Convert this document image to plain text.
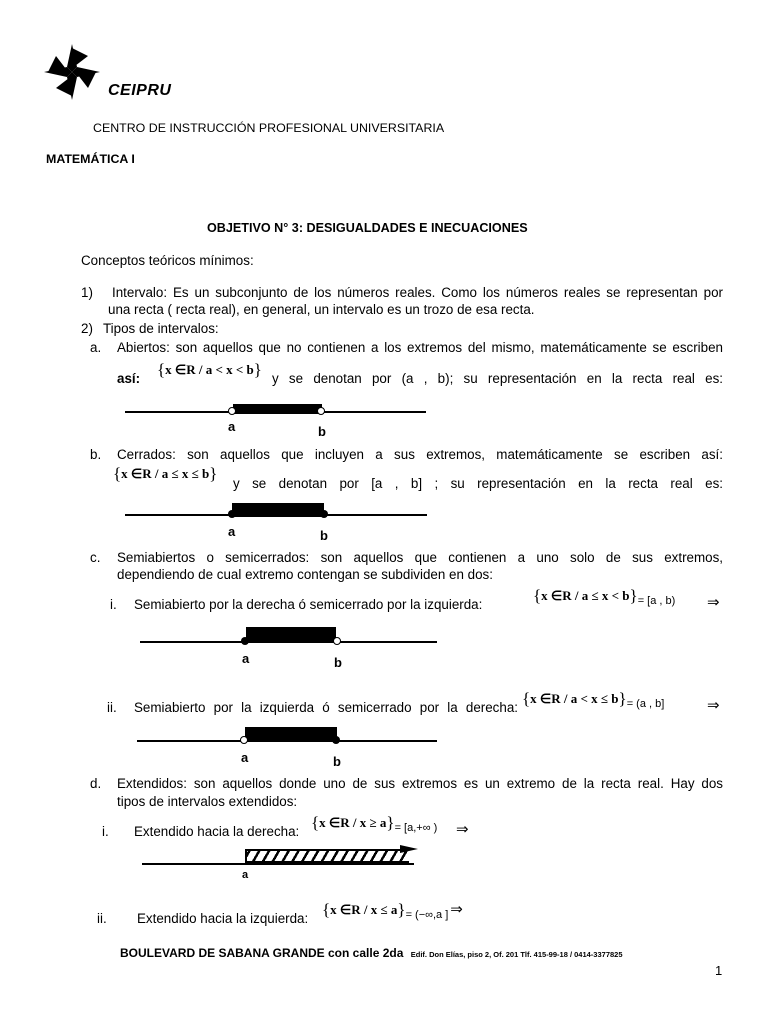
CEIPRU
CENTRO DE INSTRUCCIÓN PROFESIONAL UNIVERSITARIA
MATEMÁTICA I
OBJETIVO N° 3: DESIGUALDADES E INECUACIONES
Conceptos teóricos mínimos:
1) Intervalo: Es un subconjunto de los números reales. Como los números reales se representan por
una recta ( recta real), en general, un intervalo es un trozo de esa recta.
2) Tipos de intervalos:
a. Abiertos: son aquellos que no contienen a los extremos del mismo, matemáticamente se escriben
así: {x ∈R / a < x < b} y se denotan por (a , b); su representación en la recta real es:
a	b
b. Cerrados: son aquellos que incluyen a sus extremos, matemáticamente se escriben así:
{x ∈R / a ≤ x ≤ b}
y se denotan por [a , b] ; su representación en la recta real es:
a	b
c. Semiabiertos o semicerrados: son aquellos que contienen a uno solo de sus extremos,
dependiendo de cual extremo contengan se subdividen en dos:
i. Semiabierto por la derecha ó semicerrado por la izquierda:	{x ∈R / $a \le x < b\}_{= [a , b)}$ ⇒
a	b
ii. Semiabierto por la izquierda ó semicerrado por la derecha: {x ∈R / $a < x \le b\}_{= (a , b]}$	⇒
a	b
d. Extendidos: son aquellos donde uno de sus extremos es un extremo de la recta real. Hay dos
tipos de intervalos extendidos:
i. Extendido hacia la derecha: {x ∈R / $x \ge a\}_{= [a,+\infty )}$ ⇒
a
ii. Extendido hacia la izquierda: {x ∈R / $x \le a\}_{= (-\infty,a ]}$ ⇒
BOULEVARD DE SABANA GRANDE con calle 2da Edif. Don Elías, piso 2, Of. 201 Tlf. 415-99-18 / 0414-3377825
1
